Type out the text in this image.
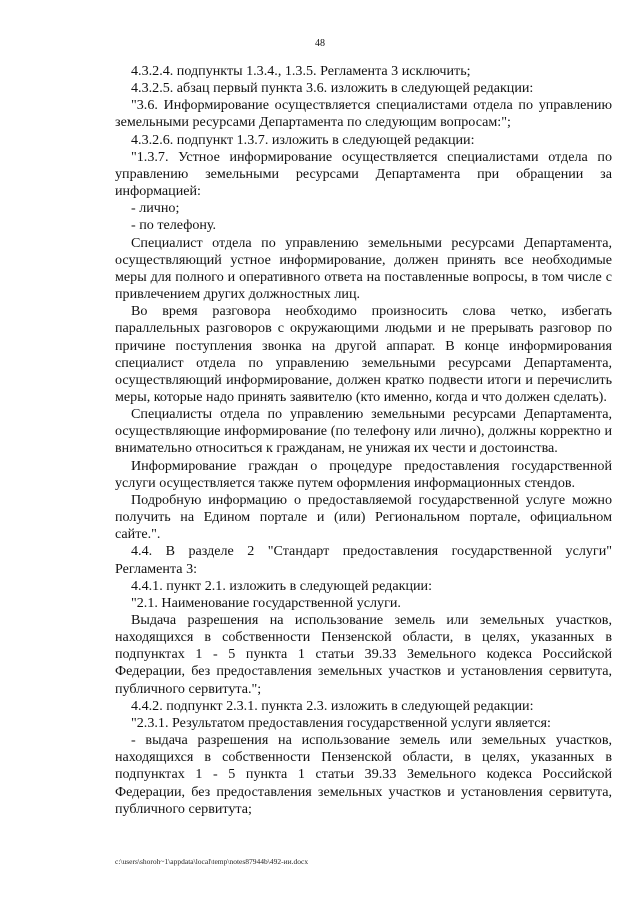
48

4.3.2.4. подпункты 1.3.4., 1.3.5. Регламента 3 исключить;

4.3.2.5. абзац первый пункта 3.6. изложить в следующей редакции:

"3.6. Информирование осуществляется специалистами отдела по управлению земельными ресурсами Департамента по следующим вопросам:";

4.3.2.6. подпункт 1.3.7. изложить в следующей редакции:

"1.3.7. Устное информирование осуществляется специалистами отдела по управлению земельными ресурсами Департамента при обращении за информацией:

- лично;

- по телефону.

Специалист отдела по управлению земельными ресурсами Департамента, осуществляющий устное информирование, должен принять все необходимые меры для полного и оперативного ответа на поставленные вопросы, в том числе с привлечением других должностных лиц.

Во время разговора необходимо произносить слова четко, избегать параллельных разговоров с окружающими людьми и не прерывать разговор по причине поступления звонка на другой аппарат. В конце информирования специалист отдела по управлению земельными ресурсами Департамента, осуществляющий информирование, должен кратко подвести итоги и перечислить меры, которые надо принять заявителю (кто именно, когда и что должен сделать).

Специалисты отдела по управлению земельными ресурсами Департамента, осуществляющие информирование (по телефону или лично), должны корректно и внимательно относиться к гражданам, не унижая их чести и достоинства.

Информирование граждан о процедуре предоставления государственной услуги осуществляется также путем оформления информационных стендов.

Подробную информацию о предоставляемой государственной услуге можно получить на Едином портале и (или) Региональном портале, официальном сайте.".

4.4. В разделе 2 "Стандарт предоставления государственной услуги" Регламента 3:

4.4.1. пункт 2.1. изложить в следующей редакции:

"2.1. Наименование государственной услуги.

Выдача разрешения на использование земель или земельных участков, находящихся в собственности Пензенской области, в целях, указанных в подпунктах 1 - 5 пункта 1 статьи 39.33 Земельного кодекса Российской Федерации, без предоставления земельных участков и установления сервитута, публичного сервитута.";

4.4.2. подпункт 2.3.1. пункта 2.3. изложить в следующей редакции:

"2.3.1. Результатом предоставления государственной услуги является:

- выдача разрешения на использование земель или земельных участков, находящихся в собственности Пензенской области, в целях, указанных в подпунктах 1 - 5 пункта 1 статьи 39.33 Земельного кодекса Российской Федерации, без предоставления земельных участков и установления сервитута, публичного сервитута;

c:\users\shoroh~1\appdata\local\temp\notes87944b\492-ии.docx
